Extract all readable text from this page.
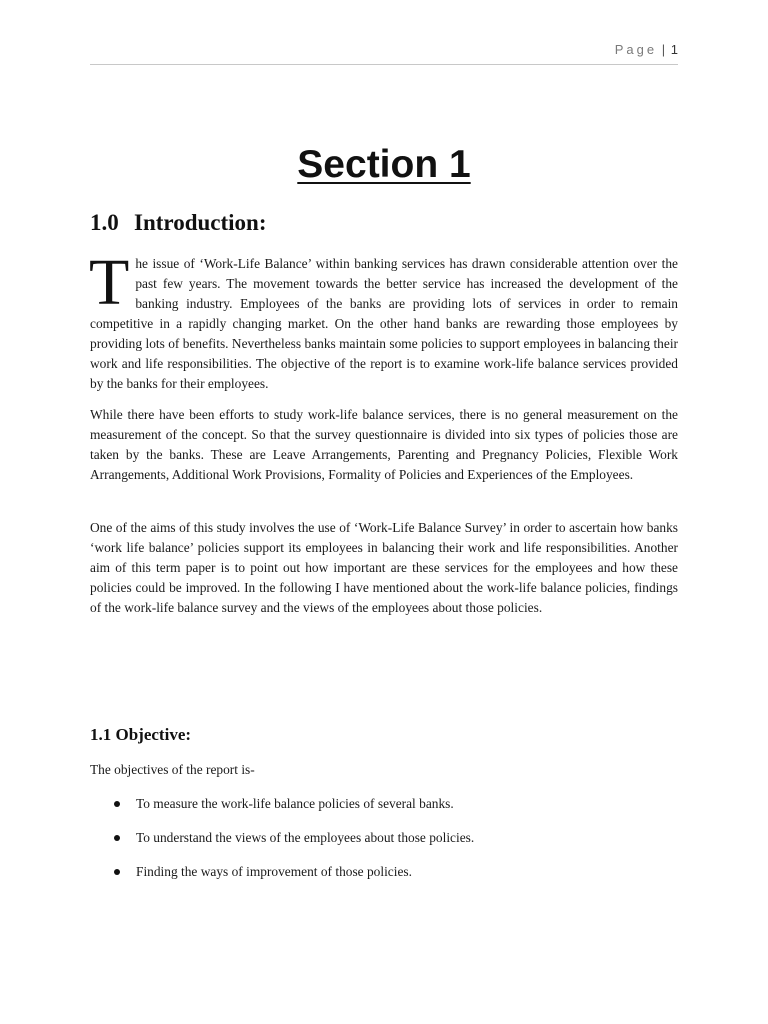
Page | 1
Section 1
1.0 Introduction:

The issue of ‘Work-Life Balance’ within banking services has drawn considerable attention over the past few years. The movement towards the better service has increased the development of the banking industry. Employees of the banks are providing lots of services in order to remain competitive in a rapidly changing market. On the other hand banks are rewarding those employees by providing lots of benefits. Nevertheless banks maintain some policies to support employees in balancing their work and life responsibilities. The objective of the report is to examine work-life balance services provided by the banks for their employees.

While there have been efforts to study work-life balance services, there is no general measurement on the measurement of the concept. So that the survey questionnaire is divided into six types of policies those are taken by the banks. These are Leave Arrangements, Parenting and Pregnancy Policies, Flexible Work Arrangements, Additional Work Provisions, Formality of Policies and Experiences of the Employees.

One of the aims of this study involves the use of ‘Work-Life Balance Survey’ in order to ascertain how banks ‘work life balance’ policies support its employees in balancing their work and life responsibilities. Another aim of this term paper is to point out how important are these services for the employees and how these policies could be improved. In the following I have mentioned about the work-life balance policies, findings of the work-life balance survey and the views of the employees about those policies.

1.1 Objective:

The objectives of the report is-

To measure the work-life balance policies of several banks.
To understand the views of the employees about those policies.
Finding the ways of improvement of those policies.
